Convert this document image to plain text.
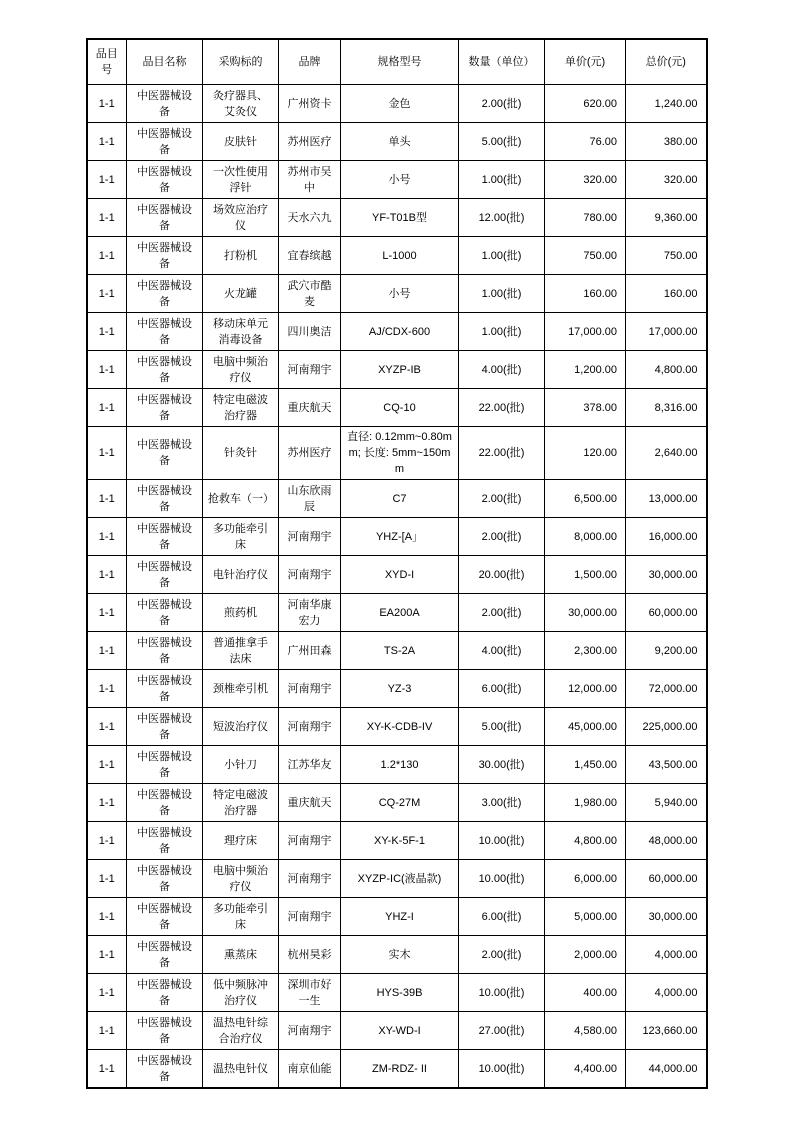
品目号	品目名称	采购标的	品牌	规格型号	数量（单位）	单价(元)	总价(元)
1-1	中医器械设备	灸疗器具、艾灸仪	广州资卡	金色	2.00(批)	620.00	1,240.00
1-1	中医器械设备	皮肤针	苏州医疗	单头	5.00(批)	76.00	380.00
1-1	中医器械设备	一次性使用浮针	苏州市吴中	小号	1.00(批)	320.00	320.00
1-1	中医器械设备	场效应治疗仪	天水六九	YF-T01B型	12.00(批)	780.00	9,360.00
1-1	中医器械设备	打粉机	宜春缤越	L-1000	1.00(批)	750.00	750.00
1-1	中医器械设备	火龙罐	武穴市酷麦	小号	1.00(批)	160.00	160.00
1-1	中医器械设备	移动床单元消毒设备	四川奥洁	AJ/CDX-600	1.00(批)	17,000.00	17,000.00
1-1	中医器械设备	电脑中频治疗仪	河南翔宇	XYZP-IB	4.00(批)	1,200.00	4,800.00
1-1	中医器械设备	特定电磁波治疗器	重庆航天	CQ-10	22.00(批)	378.00	8,316.00
1-1	中医器械设备	针灸针	苏州医疗	直径: 0.12mm~0.80mm; 长度: 5mm~150mm	22.00(批)	120.00	2,640.00
1-1	中医器械设备	抢救车（一）	山东欣雨辰	C7	2.00(批)	6,500.00	13,000.00
1-1	中医器械设备	多功能牵引床	河南翔宇	YHZ-[A」	2.00(批)	8,000.00	16,000.00
1-1	中医器械设备	电针治疗仪	河南翔宇	XYD-I	20.00(批)	1,500.00	30,000.00
1-1	中医器械设备	煎药机	河南华康宏力	EA200A	2.00(批)	30,000.00	60,000.00
1-1	中医器械设备	普通推拿手法床	广州田森	TS-2A	4.00(批)	2,300.00	9,200.00
1-1	中医器械设备	颈椎牵引机	河南翔宇	YZ-3	6.00(批)	12,000.00	72,000.00
1-1	中医器械设备	短波治疗仪	河南翔宇	XY-K-CDB-IV	5.00(批)	45,000.00	225,000.00
1-1	中医器械设备	小针刀	江苏华友	1.2*130	30.00(批)	1,450.00	43,500.00
1-1	中医器械设备	特定电磁波治疗器	重庆航天	CQ-27M	3.00(批)	1,980.00	5,940.00
1-1	中医器械设备	理疗床	河南翔宇	XY-K-5F-1	10.00(批)	4,800.00	48,000.00
1-1	中医器械设备	电脑中频治疗仪	河南翔宇	XYZP-IC(液晶款)	10.00(批)	6,000.00	60,000.00
1-1	中医器械设备	多功能牵引床	河南翔宇	YHZ-I	6.00(批)	5,000.00	30,000.00
1-1	中医器械设备	熏蒸床	杭州昊彩	实木	2.00(批)	2,000.00	4,000.00
1-1	中医器械设备	低中频脉冲治疗仪	深圳市好一生	HYS-39B	10.00(批)	400.00	4,000.00
1-1	中医器械设备	温热电针综合治疗仪	河南翔宇	XY-WD-I	27.00(批)	4,580.00	123,660.00
1-1	中医器械设备	温热电针仪	南京仙能	ZM-RDZ- II	10.00(批)	4,400.00	44,000.00
